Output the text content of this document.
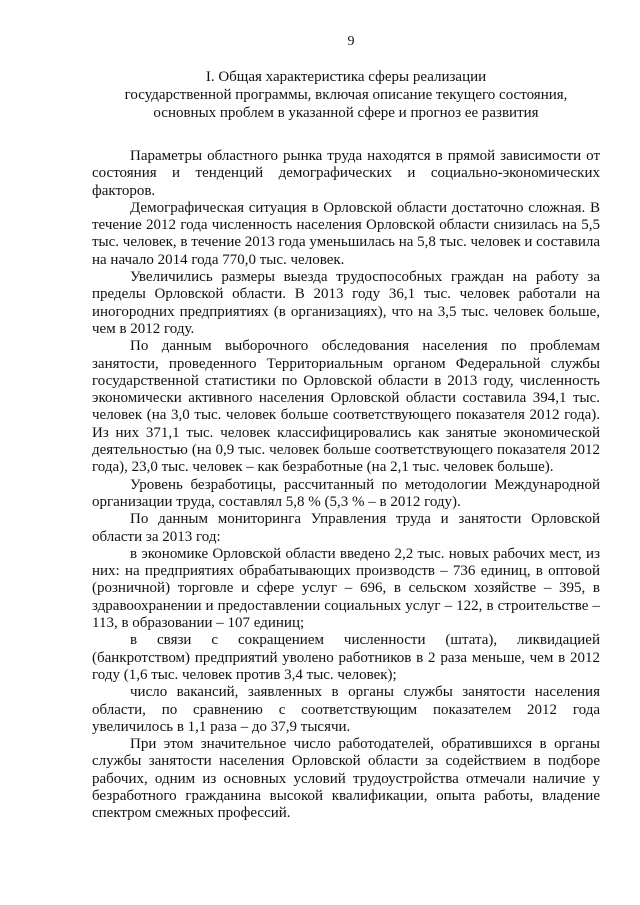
9
I. Общая характеристика сферы реализации
государственной программы, включая описание текущего состояния,
основных проблем в указанной сфере и прогноз ее развития

Параметры областного рынка труда находятся в прямой зависимости от состояния и тенденций демографических и социально-экономических факторов.

Демографическая ситуация в Орловской области достаточно сложная. В течение 2012 года численность населения Орловской области снизилась на 5,5 тыс. человек, в течение 2013 года уменьшилась на 5,8 тыс. человек и составила на начало 2014 года 770,0 тыс. человек.

Увеличились размеры выезда трудоспособных граждан на работу за пределы Орловской области. В 2013 году 36,1 тыс. человек работали на иногородних предприятиях (в организациях), что на 3,5 тыс. человек больше, чем в 2012 году.

По данным выборочного обследования населения по проблемам занятости, проведенного Территориальным органом Федеральной службы государственной статистики по Орловской области в 2013 году, численность экономически активного населения Орловской области составила 394,1 тыс. человек (на 3,0 тыс. человек больше соответствующего показателя 2012 года). Из них 371,1 тыс. человек классифицировались как занятые экономической деятельностью (на 0,9 тыс. человек больше соответствующего показателя 2012 года), 23,0 тыс. человек – как безработные (на 2,1 тыс. человек больше).

Уровень безработицы, рассчитанный по методологии Международной организации труда, составлял 5,8 % (5,3 % – в 2012 году).

По данным мониторинга Управления труда и занятости Орловской области за 2013 год:

в экономике Орловской области введено 2,2 тыс. новых рабочих мест, из них: на предприятиях обрабатывающих производств – 736 единиц, в оптовой (розничной) торговле и сфере услуг – 696, в сельском хозяйстве – 395, в здравоохранении и предоставлении социальных услуг – 122, в строительстве – 113, в образовании – 107 единиц;

в связи с сокращением численности (штата), ликвидацией (банкротством) предприятий уволено работников в 2 раза меньше, чем в 2012 году (1,6 тыс. человек против 3,4 тыс. человек);

число вакансий, заявленных в органы службы занятости населения области, по сравнению с соответствующим показателем 2012 года увеличилось в 1,1 раза – до 37,9 тысячи.

При этом значительное число работодателей, обратившихся в органы службы занятости населения Орловской области за содействием в подборе рабочих, одним из основных условий трудоустройства отмечали наличие у безработного гражданина высокой квалификации, опыта работы, владение спектром смежных профессий.
